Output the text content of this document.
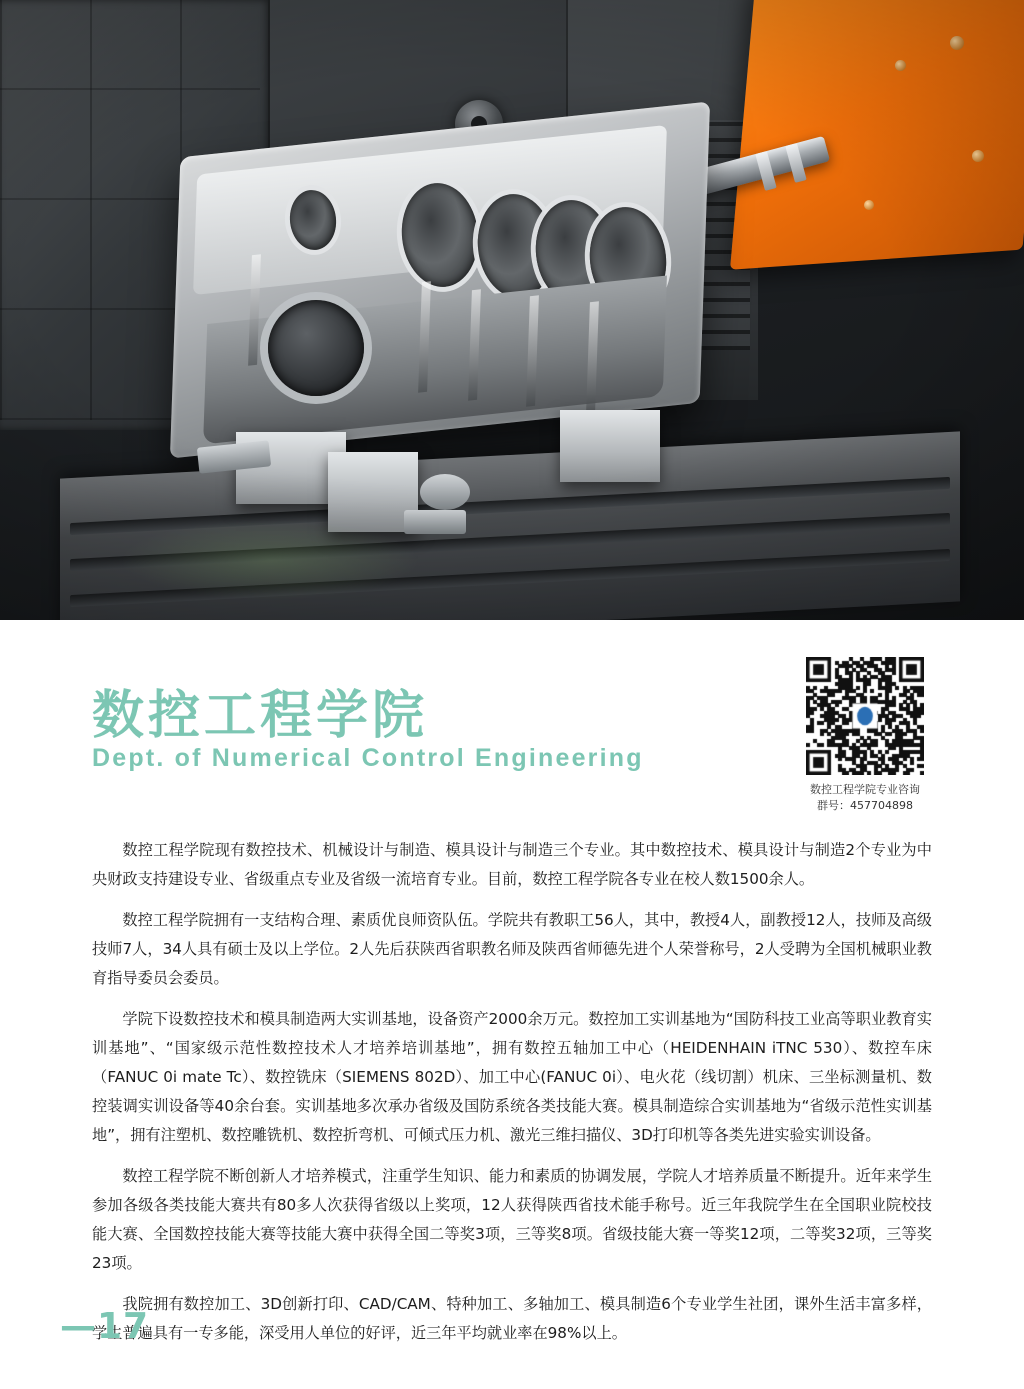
数控工程学院
Dept. of Numerical Control Engineering
数控工程学院专业咨询
群号：457704898

数控工程学院现有数控技术、机械设计与制造、模具设计与制造三个专业。其中数控技术、模具设计与制造2个专业为中央财政支持建设专业、省级重点专业及省级一流培育专业。目前，数控工程学院各专业在校人数1500余人。

数控工程学院拥有一支结构合理、素质优良师资队伍。学院共有教职工56人，其中，教授4人，副教授12人，技师及高级技师7人，34人具有硕士及以上学位。2人先后获陕西省职教名师及陕西省师德先进个人荣誉称号，2人受聘为全国机械职业教育指导委员会委员。

学院下设数控技术和模具制造两大实训基地，设备资产2000余万元。数控加工实训基地为“国防科技工业高等职业教育实训基地”、“国家级示范性数控技术人才培养培训基地”，拥有数控五轴加工中心（HEIDENHAIN iTNC 530）、数控车床（FANUC 0i mate Tc）、数控铣床（SIEMENS 802D）、加工中心(FANUC 0i）、电火花（线切割）机床、三坐标测量机、数控装调实训设备等40余台套。实训基地多次承办省级及国防系统各类技能大赛。模具制造综合实训基地为“省级示范性实训基地”，拥有注塑机、数控雕铣机、数控折弯机、可倾式压力机、激光三维扫描仪、3D打印机等各类先进实验实训设备。

数控工程学院不断创新人才培养模式，注重学生知识、能力和素质的协调发展，学院人才培养质量不断提升。近年来学生参加各级各类技能大赛共有80多人次获得省级以上奖项，12人获得陕西省技术能手称号。近三年我院学生在全国职业院校技能大赛、全国数控技能大赛等技能大赛中获得全国二等奖3项，三等奖8项。省级技能大赛一等奖12项，二等奖32项，三等奖23项。

我院拥有数控加工、3D创新打印、CAD/CAM、特种加工、多轴加工、模具制造6个专业学生社团，课外生活丰富多样，学生普遍具有一专多能，深受用人单位的好评，近三年平均就业率在98%以上。

—17
